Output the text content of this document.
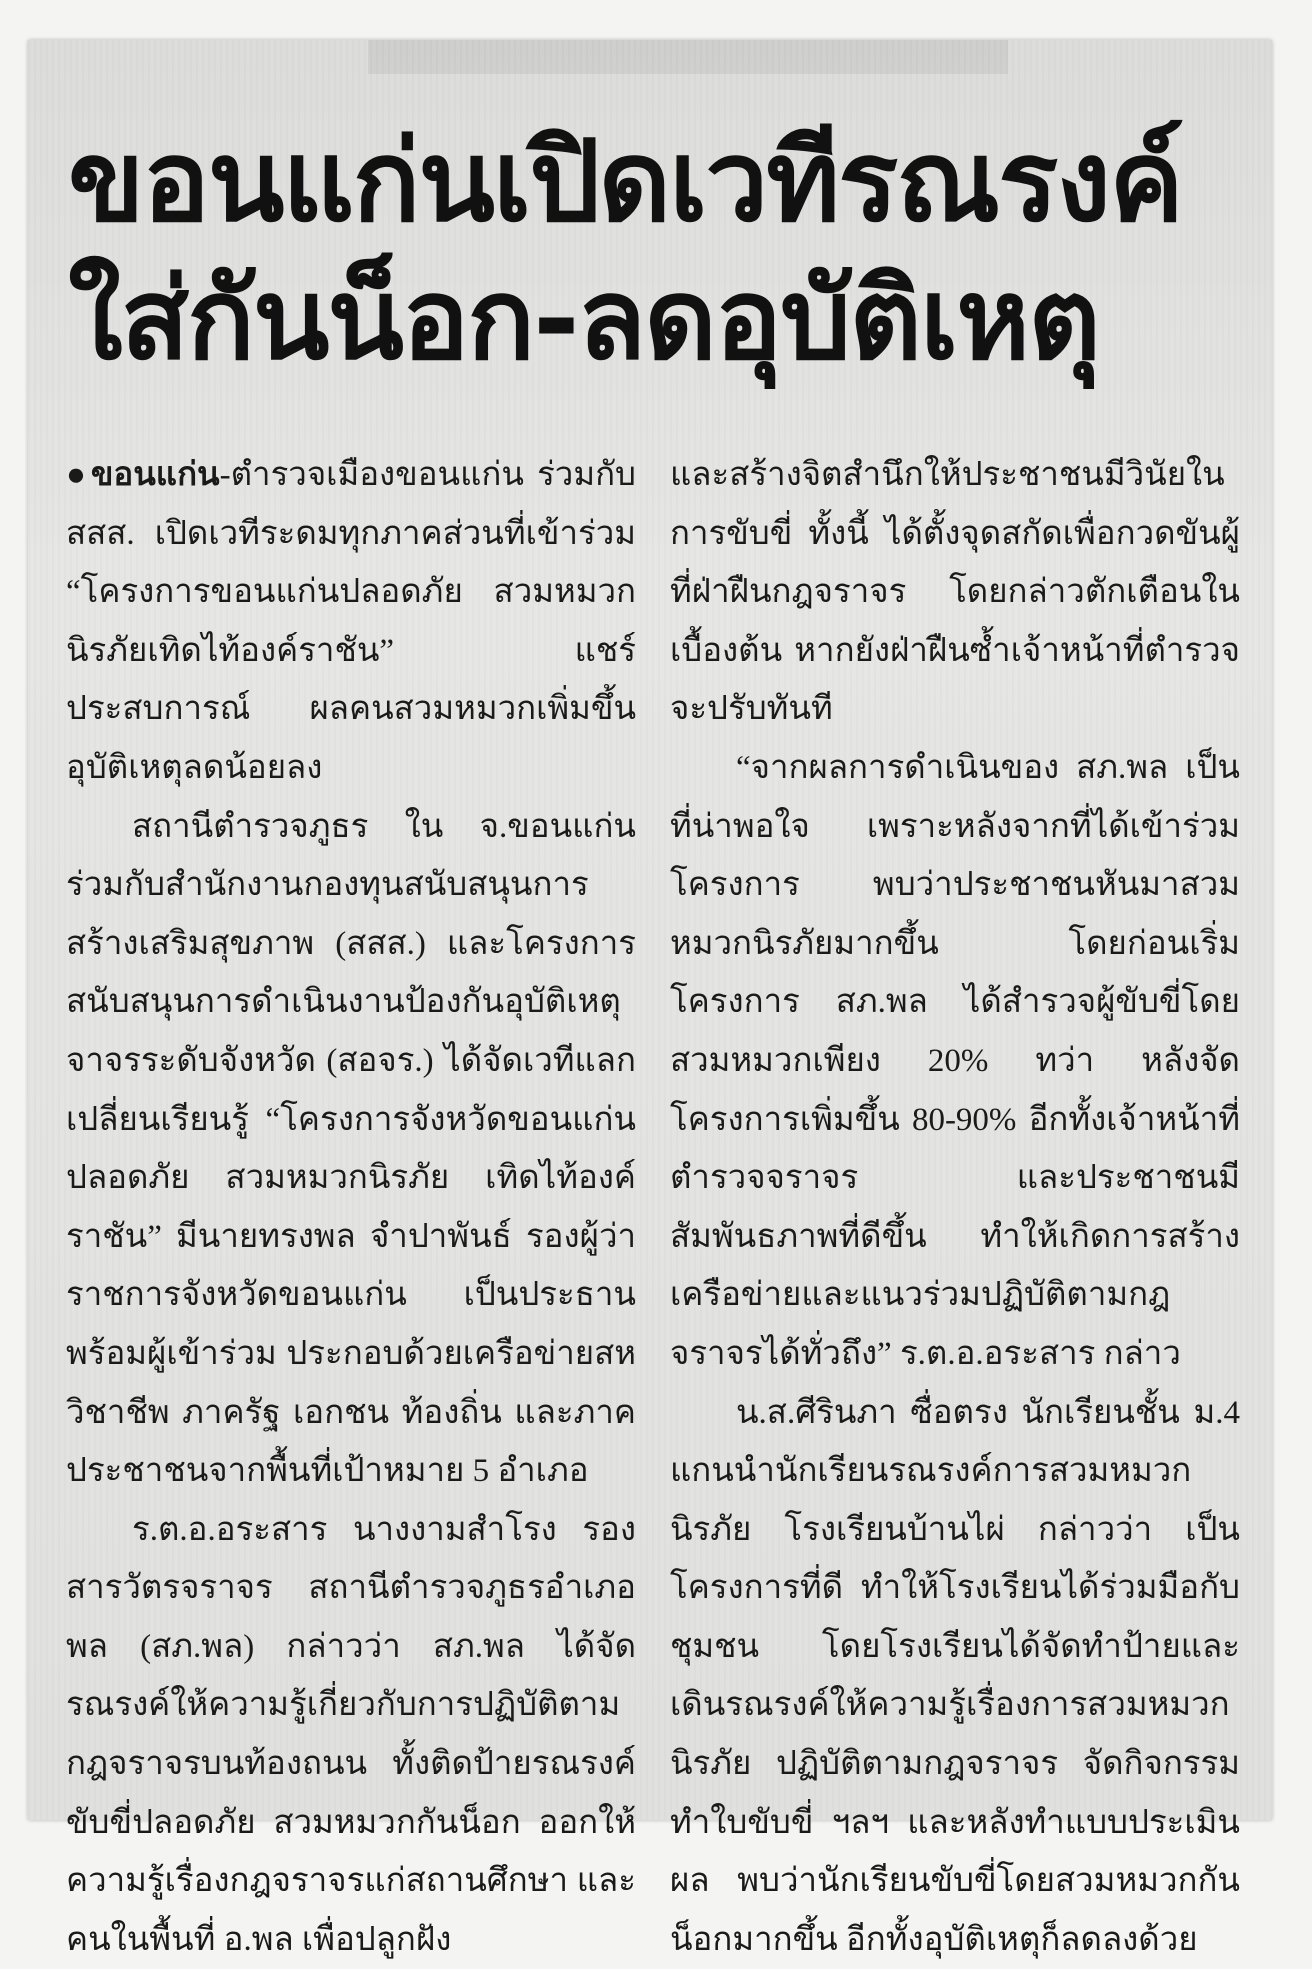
ขอนแก่นเปิดเวทีรณรงค์
ใส่กันน็อก-ลดอุบัติเหตุ

●ขอนแก่น-ตำรวจเมืองขอนแก่น ร่วมกับ สสส. เปิดเวทีระดมทุกภาคส่วนที่เข้าร่วม “โครงการขอนแก่นปลอดภัย สวมหมวกนิรภัยเทิดไท้องค์ราชัน” แชร์ประสบการณ์ ผลคนสวมหมวกเพิ่มขึ้น อุบัติเหตุลดน้อยลง

สถานีตำรวจภูธร ใน จ.ขอนแก่น ร่วมกับสำนักงานกองทุนสนับสนุนการสร้างเสริมสุขภาพ (สสส.) และโครงการสนับสนุนการดำเนินงานป้องกันอุบัติเหตุจาจรระดับจังหวัด (สอจร.) ได้จัดเวทีแลกเปลี่ยนเรียนรู้ “โครงการจังหวัดขอนแก่นปลอดภัย สวมหมวกนิรภัย เทิดไท้องค์ราชัน” มีนายทรงพล จำปาพันธ์ รองผู้ว่าราชการจังหวัดขอนแก่น เป็นประธาน พร้อมผู้เข้าร่วม ประกอบด้วยเครือข่ายสหวิชาชีพ ภาครัฐ เอกชน ท้องถิ่น และภาคประชาชนจากพื้นที่เป้าหมาย 5 อำเภอ

ร.ต.อ.อระสาร นางงามสำโรง รองสารวัตรจราจร สถานีตำรวจภูธรอำเภอพล (สภ.พล) กล่าวว่า สภ.พล ได้จัดรณรงค์ให้ความรู้เกี่ยวกับการปฏิบัติตามกฎจราจรบนท้องถนน ทั้งติดป้ายรณรงค์ขับขี่ปลอดภัย สวมหมวกกันน็อก ออกให้ความรู้เรื่องกฎจราจรแก่สถานศึกษา และคนในพื้นที่ อ.พล เพื่อปลูกฝัง

และสร้างจิตสำนึกให้ประชาชนมีวินัยในการขับขี่ ทั้งนี้ ได้ตั้งจุดสกัดเพื่อกวดขันผู้ที่ฝ่าฝืนกฎจราจร โดยกล่าวตักเตือนในเบื้องต้น หากยังฝ่าฝืนซ้ำเจ้าหน้าที่ตำรวจจะปรับทันที

“จากผลการดำเนินของ สภ.พล เป็นที่น่าพอใจ เพราะหลังจากที่ได้เข้าร่วมโครงการ พบว่าประชาชนหันมาสวมหมวกนิรภัยมากขึ้น โดยก่อนเริ่มโครงการ สภ.พล ได้สำรวจผู้ขับขี่โดยสวมหมวกเพียง 20% ทว่า หลังจัดโครงการเพิ่มขึ้น 80-90% อีกทั้งเจ้าหน้าที่ตำรวจจราจร และประชาชนมีสัมพันธภาพที่ดีขึ้น ทำให้เกิดการสร้างเครือข่ายและแนวร่วมปฏิบัติตามกฎจราจรได้ทั่วถึง” ร.ต.อ.อระสาร กล่าว

น.ส.ศีรินภา ซื่อตรง นักเรียนชั้น ม.4 แกนนำนักเรียนรณรงค์การสวมหมวกนิรภัย โรงเรียนบ้านไผ่ กล่าวว่า เป็นโครงการที่ดี ทำให้โรงเรียนได้ร่วมมือกับชุมชน โดยโรงเรียนได้จัดทำป้ายและเดินรณรงค์ให้ความรู้เรื่องการสวมหมวกนิรภัย ปฏิบัติตามกฎจราจร จัดกิจกรรมทำใบขับขี่ ฯลฯ และหลังทำแบบประเมินผล พบว่านักเรียนขับขี่โดยสวมหมวกกันน็อกมากขึ้น อีกทั้งอุบัติเหตุก็ลดลงด้วย
